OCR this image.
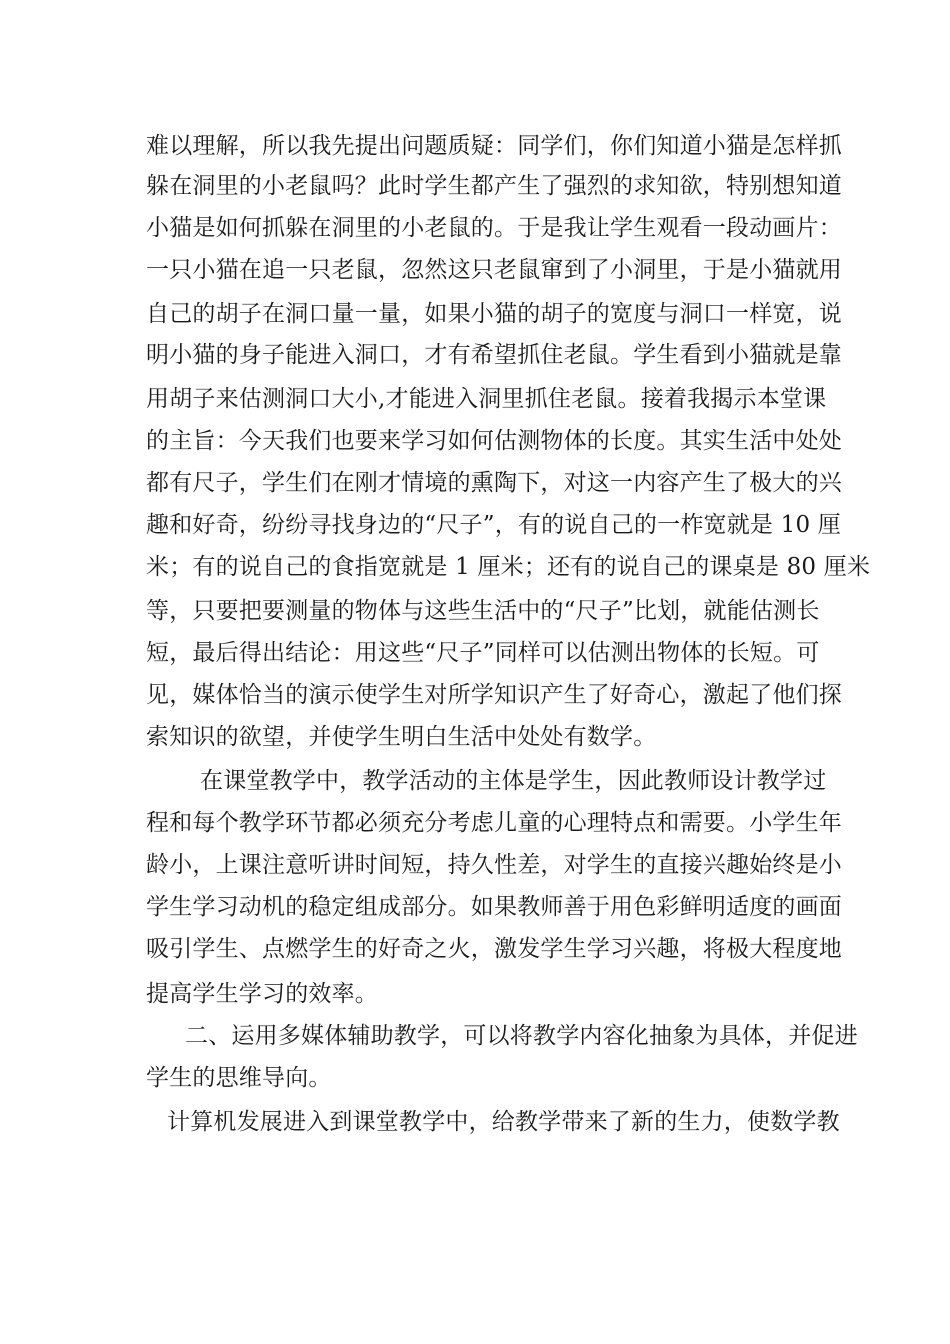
难以理解，所以我先提出问题质疑：同学们，你们知道小猫是怎样抓
躲在洞里的小老鼠吗？此时学生都产生了强烈的求知欲，特别想知道
小猫是如何抓躲在洞里的小老鼠的。于是我让学生观看一段动画片：
一只小猫在追一只老鼠，忽然这只老鼠窜到了小洞里，于是小猫就用
自己的胡子在洞口量一量，如果小猫的胡子的宽度与洞口一样宽，说
明小猫的身子能进入洞口，才有希望抓住老鼠。学生看到小猫就是靠
用胡子来估测洞口大小,才能进入洞里抓住老鼠。接着我揭示本堂课
的主旨：今天我们也要来学习如何估测物体的长度。其实生活中处处
都有尺子，学生们在刚才情境的熏陶下，对这一内容产生了极大的兴
趣和好奇，纷纷寻找身边的“尺子”，有的说自己的一柞宽就是 10 厘
米；有的说自己的食指宽就是 1 厘米；还有的说自己的课桌是 80 厘米
等，只要把要测量的物体与这些生活中的“尺子”比划，就能估测长
短，最后得出结论：用这些“尺子”同样可以估测出物体的长短。可
见，媒体恰当的演示使学生对所学知识产生了好奇心，激起了他们探
索知识的欲望，并使学生明白生活中处处有数学。
在课堂教学中，教学活动的主体是学生，因此教师设计教学过
程和每个教学环节都必须充分考虑儿童的心理特点和需要。小学生年
龄小，上课注意听讲时间短，持久性差，对学生的直接兴趣始终是小
学生学习动机的稳定组成部分。如果教师善于用色彩鲜明适度的画面
吸引学生、点燃学生的好奇之火，激发学生学习兴趣，将极大程度地
提高学生学习的效率。
二、运用多媒体辅助教学，可以将教学内容化抽象为具体，并促进
学生的思维导向。
计算机发展进入到课堂教学中，给教学带来了新的生力，使数学教
